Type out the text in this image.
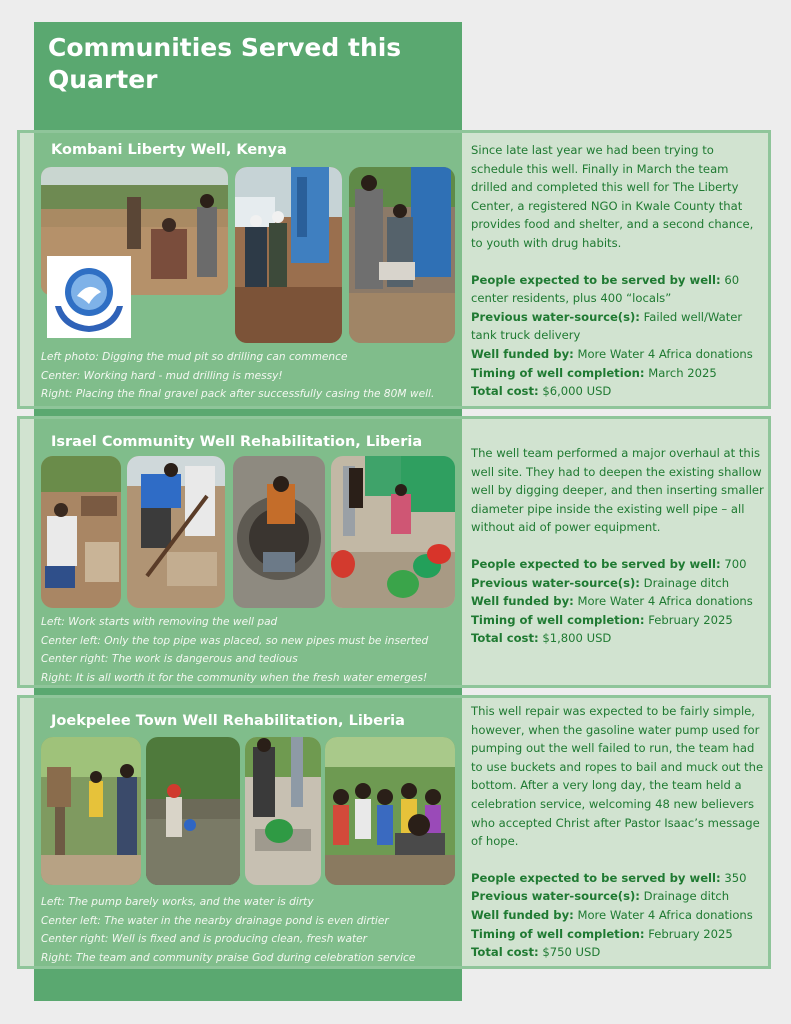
Communities Served this Quarter
Kombani Liberty Well, Kenya
Left photo: Digging the mud pit so drilling can commence
Center: Working hard - mud drilling is messy!
Right: Placing the final gravel pack after successfully casing the 80M well.

Since late last year we had been trying to schedule this well. Finally in March the team drilled and completed this well for The Liberty Center, a registered NGO in Kwale County that provides food and shelter, and a second chance, to youth with drug habits.

People expected to be served by well: 60 center residents, plus 400 “locals”
Previous water-source(s): Failed well/Water tank truck delivery
Well funded by: More Water 4 Africa donations
Timing of well completion: March 2025
Total cost: $6,000 USD
Israel Community Well Rehabilitation, Liberia
Left: Work starts with removing the well pad
Center left: Only the top pipe was placed, so new pipes must be inserted
Center right: The work is dangerous and tedious
Right: It is all worth it for the community when the fresh water emerges!

The well team performed a major overhaul at this well site. They had to deepen the existing shallow well by digging deeper, and then inserting smaller diameter pipe inside the existing well pipe – all without aid of power equipment.

People expected to be served by well: 700
Previous water-source(s): Drainage ditch
Well funded by: More Water 4 Africa donations
Timing of well completion: February 2025
Total cost: $1,800 USD
Joekpelee Town Well Rehabilitation, Liberia
Left: The pump barely works, and the water is dirty
Center left: The water in the nearby drainage pond is even dirtier
Center right: Well is fixed and is producing clean, fresh water
Right: The team and community praise God during celebration service

This well repair was expected to be fairly simple, however, when the gasoline water pump used for pumping out the well failed to run, the team had to use buckets and ropes to bail and muck out the bottom. After a very long day, the team held a celebration service, welcoming 48 new believers who accepted Christ after Pastor Isaac’s message of hope.

People expected to be served by well: 350
Previous water-source(s): Drainage ditch
Well funded by: More Water 4 Africa donations
Timing of well completion: February 2025
Total cost: $750 USD
